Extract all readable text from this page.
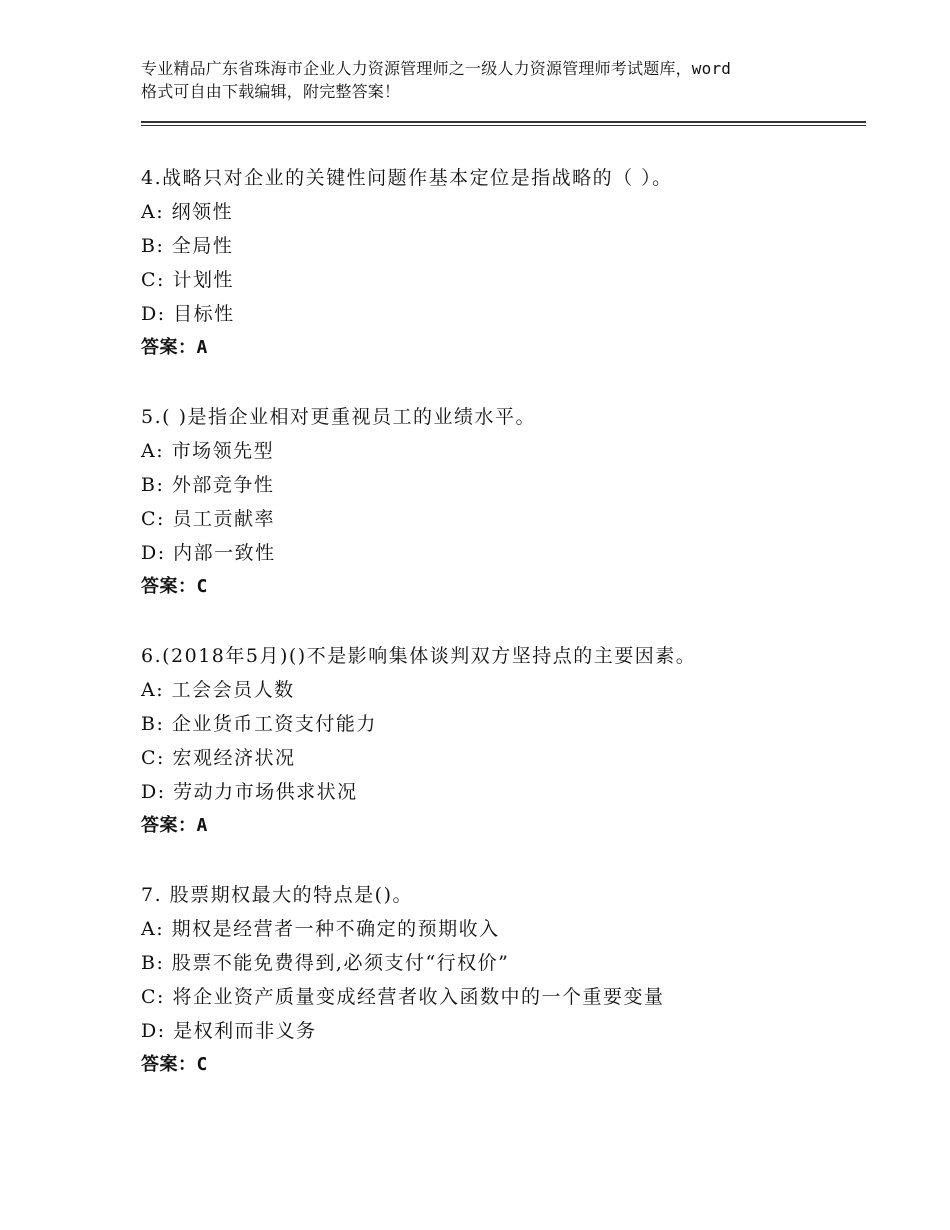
专业精品广东省珠海市企业人力资源管理师之一级人力资源管理师考试题库，word
格式可自由下载编辑，附完整答案！
4.战略只对企业的关键性问题作基本定位是指战略的（ ）。
A: 纲领性
B: 全局性
C: 计划性
D: 目标性
答案：A
5.( )是指企业相对更重视员工的业绩水平。
A: 市场领先型
B: 外部竞争性
C: 员工贡献率
D: 内部一致性
答案：C
6.(2018年5月)()不是影响集体谈判双方坚持点的主要因素。
A: 工会会员人数
B: 企业货币工资支付能力
C: 宏观经济状况
D: 劳动力市场供求状况
答案：A
7. 股票期权最大的特点是()。
A: 期权是经营者一种不确定的预期收入
B: 股票不能免费得到,必须支付“行权价”
C: 将企业资产质量变成经营者收入函数中的一个重要变量
D: 是权利而非义务
答案：C
